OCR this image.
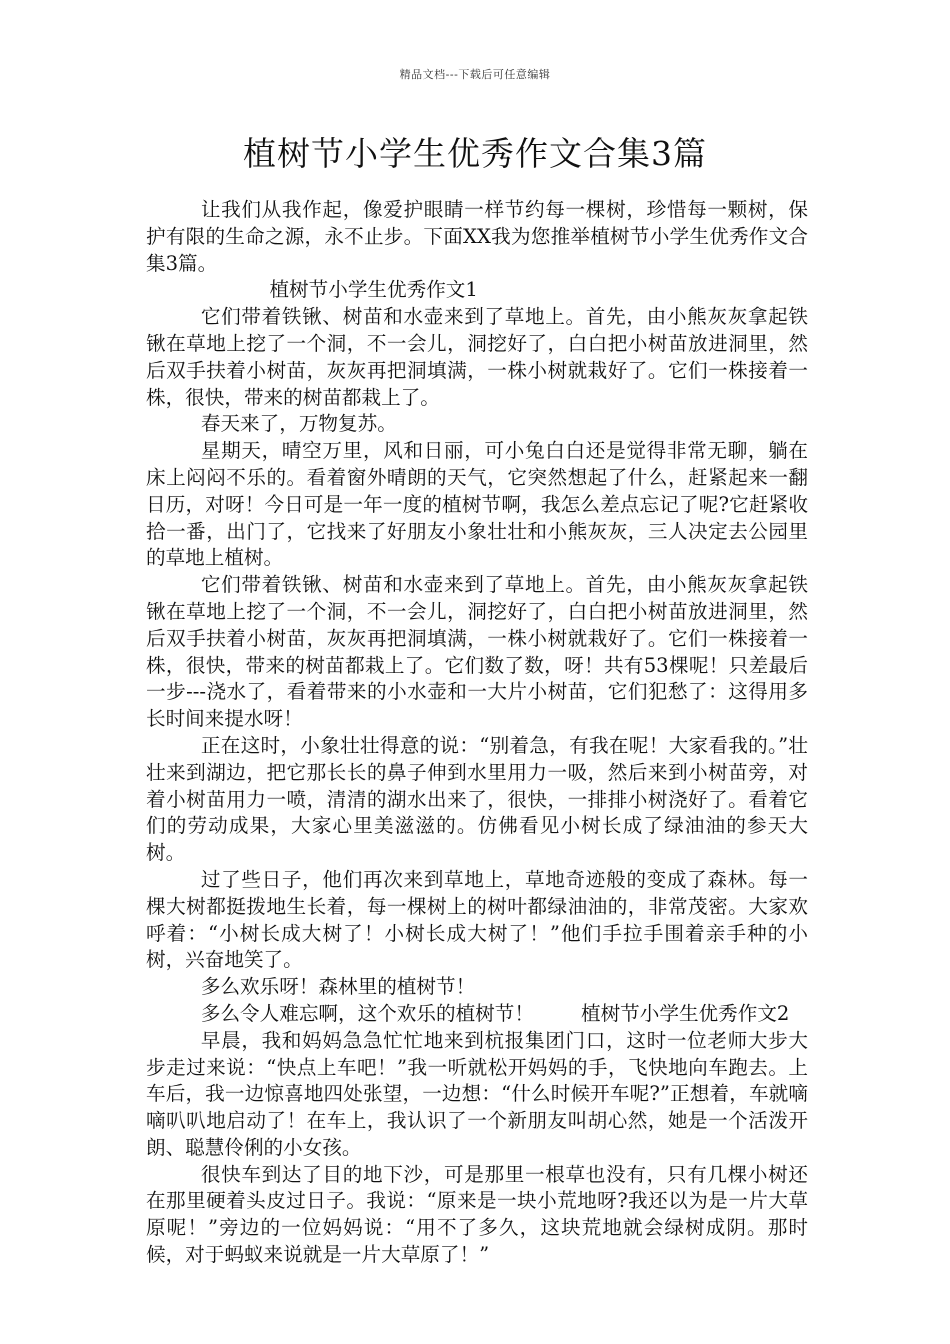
精品文档---下载后可任意编辑
植树节小学生优秀作文合集3篇

让我们从我作起，像爱护眼睛一样节约每一棵树，珍惜每一颗树，保护有限的生命之源，永不止步。下面XX我为您推举植树节小学生优秀作文合集3篇。

植树节小学生优秀作文1

它们带着铁锹、树苗和水壶来到了草地上。首先，由小熊灰灰拿起铁锹在草地上挖了一个洞，不一会儿，洞挖好了，白白把小树苗放进洞里，然后双手扶着小树苗，灰灰再把洞填满，一株小树就栽好了。它们一株接着一株，很快，带来的树苗都栽上了。

春天来了，万物复苏。

星期天，晴空万里，风和日丽，可小兔白白还是觉得非常无聊，躺在床上闷闷不乐的。看着窗外晴朗的天气，它突然想起了什么，赶紧起来一翻日历，对呀！今日可是一年一度的植树节啊，我怎么差点忘记了呢?它赶紧收拾一番，出门了，它找来了好朋友小象壮壮和小熊灰灰，三人决定去公园里的草地上植树。

它们带着铁锹、树苗和水壶来到了草地上。首先，由小熊灰灰拿起铁锹在草地上挖了一个洞，不一会儿，洞挖好了，白白把小树苗放进洞里，然后双手扶着小树苗，灰灰再把洞填满，一株小树就栽好了。它们一株接着一株，很快，带来的树苗都栽上了。它们数了数，呀！共有53棵呢！只差最后一步---浇水了，看着带来的小水壶和一大片小树苗，它们犯愁了：这得用多长时间来提水呀！

正在这时，小象壮壮得意的说：“别着急，有我在呢！大家看我的。”壮壮来到湖边，把它那长长的鼻子伸到水里用力一吸，然后来到小树苗旁，对着小树苗用力一喷，清清的湖水出来了，很快，一排排小树浇好了。看着它们的劳动成果，大家心里美滋滋的。仿佛看见小树长成了绿油油的参天大树。

过了些日子，他们再次来到草地上，草地奇迹般的变成了森林。每一棵大树都挺拨地生长着，每一棵树上的树叶都绿油油的，非常茂密。大家欢呼着：“小树长成大树了！小树长成大树了！”他们手拉手围着亲手种的小树，兴奋地笑了。

多么欢乐呀！森林里的植树节！

多么令人难忘啊，这个欢乐的植树节！ 植树节小学生优秀作文2

早晨，我和妈妈急急忙忙地来到杭报集团门口，这时一位老师大步大步走过来说：“快点上车吧！”我一听就松开妈妈的手，飞快地向车跑去。上车后，我一边惊喜地四处张望，一边想：“什么时候开车呢?”正想着，车就嘀嘀叭叭地启动了！在车上，我认识了一个新朋友叫胡心然，她是一个活泼开朗、聪慧伶俐的小女孩。

很快车到达了目的地下沙，可是那里一根草也没有，只有几棵小树还在那里硬着头皮过日子。我说：“原来是一块小荒地呀?我还以为是一片大草原呢！”旁边的一位妈妈说：“用不了多久，这块荒地就会绿树成阴。那时候，对于蚂蚁来说就是一片大草原了！”
